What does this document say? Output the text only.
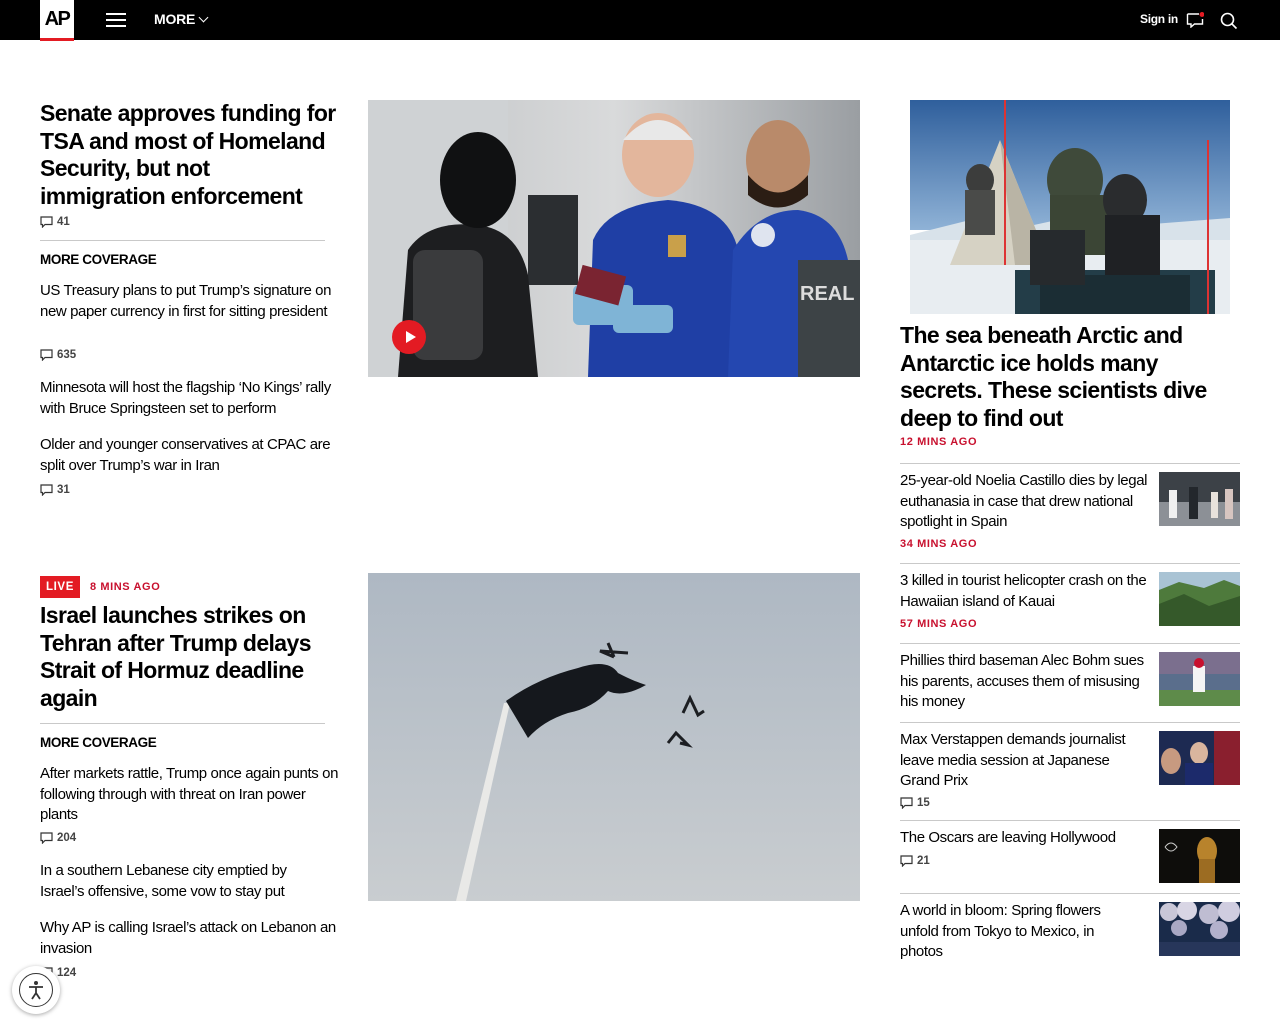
AP	MORE	Sign in
Senate approves funding for TSA and most of Homeland Security, but not immigration enforcement
41
MORE COVERAGE
US Treasury plans to put Trump’s signature on new paper currency in first for sitting president
635
Minnesota will host the flagship ‘No Kings’ rally with Bruce Springsteen set to perform
Older and younger conservatives at CPAC are split over Trump’s war in Iran
31
REAL
LIVE	8 MINS AGO
Israel launches strikes on Tehran after Trump delays Strait of Hormuz deadline again
MORE COVERAGE
After markets rattle, Trump once again punts on following through with threat on Iran power plants
204
In a southern Lebanese city emptied by Israel’s offensive, some vow to stay put
Why AP is calling Israel’s attack on Lebanon an invasion
124
The sea beneath Arctic and Antarctic ice holds many secrets. These scientists dive deep to find out
12 MINS AGO
25-year-old Noelia Castillo dies by legal euthanasia in case that drew national spotlight in Spain
34 MINS AGO
3 killed in tourist helicopter crash on the Hawaiian island of Kauai
57 MINS AGO
Phillies third baseman Alec Bohm sues his parents, accuses them of misusing his money
Max Verstappen demands journalist leave media session at Japanese Grand Prix
15
The Oscars are leaving Hollywood
21
A world in bloom: Spring flowers unfold from Tokyo to Mexico, in photos
